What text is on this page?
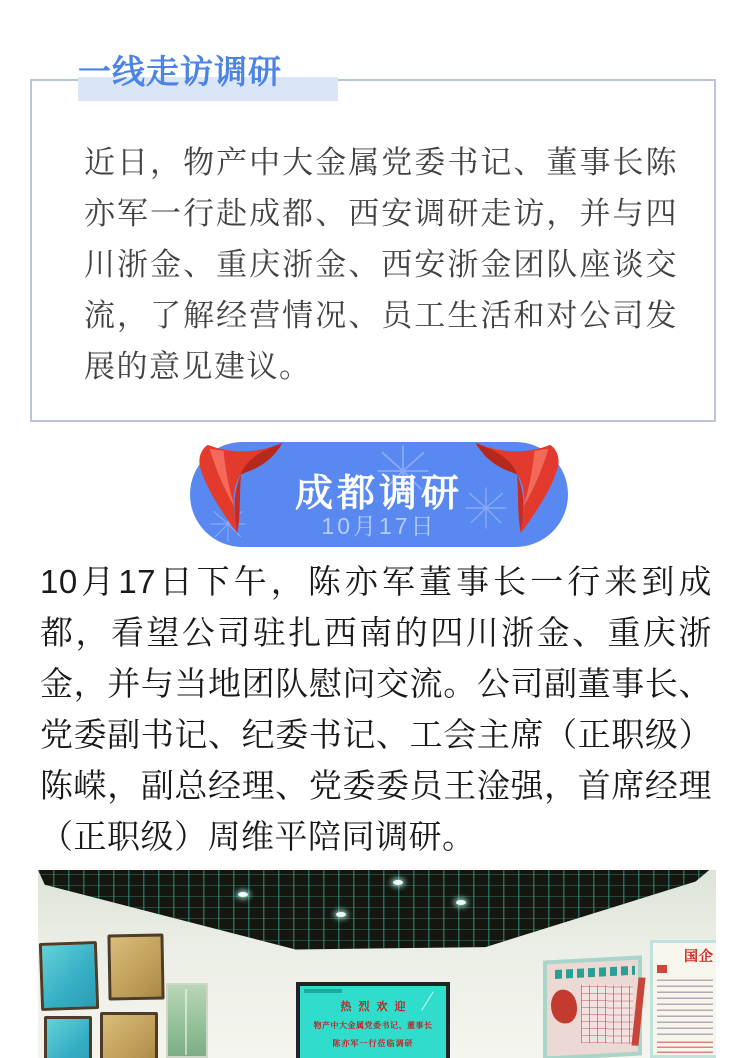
一线走访调研

近日，物产中大金属党委书记、董事长陈亦军一行赴成都、西安调研走访，并与四川浙金、重庆浙金、西安浙金团队座谈交流，了解经营情况、员工生活和对公司发展的意见建议。

成都调研
10月17日

10月17日下午，陈亦军董事长一行来到成都，看望公司驻扎西南的四川浙金、重庆浙金，并与当地团队慰问交流。公司副董事长、党委副书记、纪委书记、工会主席（正职级）陈嵘，副总经理、党委委员王淦强，首席经理（正职级）周维平陪同调研。

热烈欢迎
物产中大金属党委书记、董事长
陈亦军一行莅临调研
国企
